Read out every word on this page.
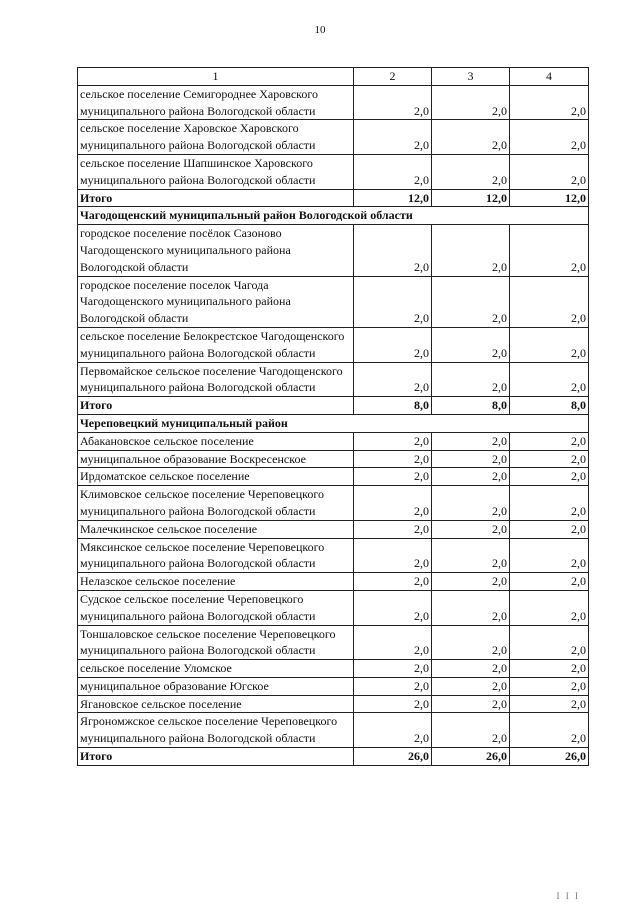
10
1	2	3	4
сельское поселение Семигороднее Харовского муниципального района Вологодской области	2,0	2,0	2,0
сельское поселение Харовское Харовского муниципального района Вологодской области	2,0	2,0	2,0
сельское поселение Шапшинское Харовского муниципального района Вологодской области	2,0	2,0	2,0
Итого	12,0	12,0	12,0
Чагодощенский муниципальный район Вологодской области			
городское поселение посёлок Сазоново Чагодощенского муниципального района Вологодской области	2,0	2,0	2,0
городское поселение поселок Чагода Чагодощенского муниципального района Вологодской области	2,0	2,0	2,0
сельское поселение Белокрестское Чагодощенского муниципального района Вологодской области	2,0	2,0	2,0
Первомайское сельское поселение Чагодощенского муниципального района Вологодской области	2,0	2,0	2,0
Итого	8,0	8,0	8,0
Череповецкий муниципальный район			
Абакановское сельское поселение	2,0	2,0	2,0
муниципальное образование Воскресенское	2,0	2,0	2,0
Ирдоматское сельское поселение	2,0	2,0	2,0
Климовское сельское поселение Череповецкого муниципального района Вологодской области	2,0	2,0	2,0
Малечкинское сельское поселение	2,0	2,0	2,0
Мяксинское сельское поселение Череповецкого муниципального района Вологодской области	2,0	2,0	2,0
Нелазское сельское поселение	2,0	2,0	2,0
Судское сельское поселение Череповецкого муниципального района Вологодской области	2,0	2,0	2,0
Тоншаловское сельское поселение Череповецкого муниципального района Вологодской области	2,0	2,0	2,0
сельское поселение Уломское	2,0	2,0	2,0
муниципальное образование Югское	2,0	2,0	2,0
Ягановское сельское поселение	2,0	2,0	2,0
Ягрономжское сельское поселение Череповецкого муниципального района Вологодской области	2,0	2,0	2,0
Итого	26,0	26,0	26,0
I I I
